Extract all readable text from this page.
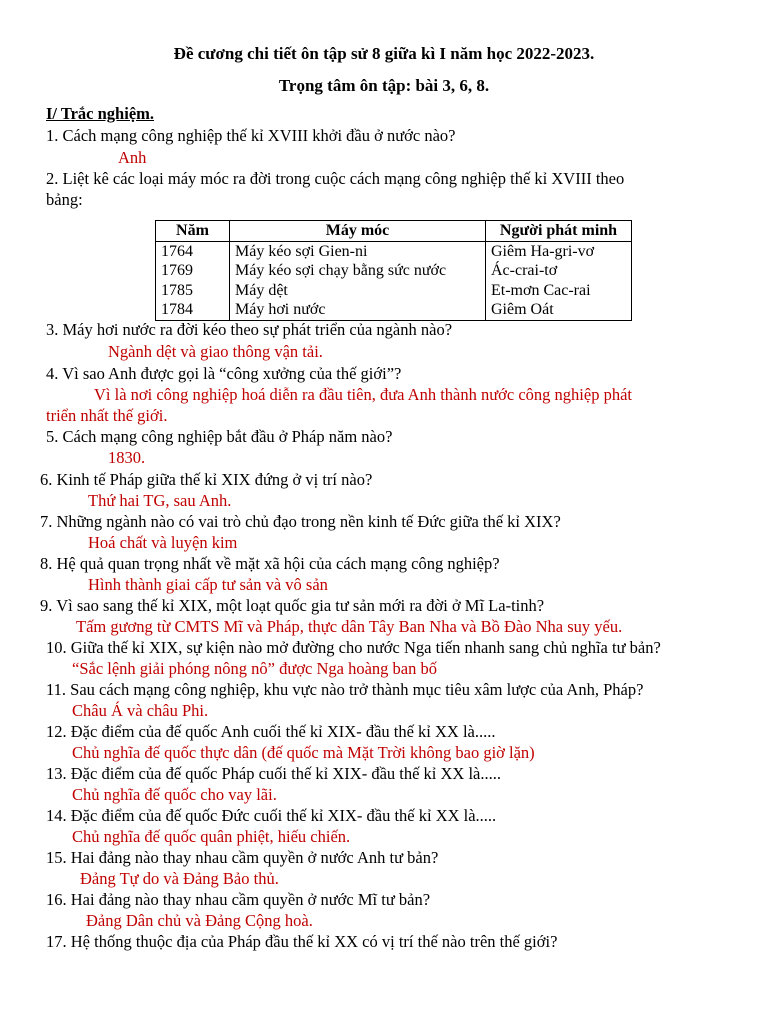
Đề cương chi tiết ôn tập sử 8 giữa kì I năm học 2022-2023.
Trọng tâm ôn tập: bài 3, 6, 8.
I/ Trắc nghiệm.
1. Cách mạng công nghiệp thế kỉ XVIII khởi đầu ở nước nào?
Anh
2. Liệt kê các loại máy móc ra đời trong cuộc cách mạng công nghiệp thế kỉ XVIII theo
bảng:
Năm	Máy móc	Người phát minh
1764	Máy kéo sợi Gien-ni	Giêm Ha-gri-vơ
1769	Máy kéo sợi chạy bằng sức nước	Ác-crai-tơ
1785	Máy dệt	Et-mơn Cac-rai
1784	Máy hơi nước	Giêm Oát
3. Máy hơi nước ra đời kéo theo sự phát triển của ngành nào?
Ngành dệt và giao thông vận tải.
4. Vì sao Anh được gọi là “công xưởng của thế giới”?
Vì là nơi công nghiệp hoá diễn ra đầu tiên, đưa Anh thành nước công nghiệp phát
triển nhất thế giới.
5. Cách mạng công nghiệp bắt đầu ở Pháp năm nào?
1830.
6. Kinh tế Pháp giữa thế kỉ XIX đứng ở vị trí nào?
Thứ hai TG, sau Anh.
7. Những ngành nào có vai trò chủ đạo trong nền kinh tế Đức giữa thế kỉ XIX?
Hoá chất và luyện kim
8. Hệ quả quan trọng nhất về mặt xã hội của cách mạng công nghiệp?
Hình thành giai cấp tư sản và vô sản
9. Vì sao sang thế kỉ XIX, một loạt quốc gia tư sản mới ra đời ở Mĩ La-tinh?
Tấm gương từ CMTS Mĩ và Pháp, thực dân Tây Ban Nha và Bồ Đào Nha suy yếu.
10. Giữa thế kỉ XIX, sự kiện nào mở đường cho nước Nga tiến nhanh sang chủ nghĩa tư bản?
“Sắc lệnh giải phóng nông nô” được Nga hoàng ban bố
11. Sau cách mạng công nghiệp, khu vực nào trở thành mục tiêu xâm lược của Anh, Pháp?
Châu Á và châu Phi.
12. Đặc điểm của đế quốc Anh cuối thế kỉ XIX- đầu thế kỉ XX là.....
Chủ nghĩa đế quốc thực dân (đế quốc mà Mặt Trời không bao giờ lặn)
13. Đặc điểm của đế quốc Pháp cuối thế kỉ XIX- đầu thế kỉ XX là.....
Chủ nghĩa đế quốc cho vay lãi.
14. Đặc điểm của đế quốc Đức cuối thế kỉ XIX- đầu thế kỉ XX là.....
Chủ nghĩa đế quốc quân phiệt, hiếu chiến.
15. Hai đảng nào thay nhau cầm quyền ở nước Anh tư bản?
Đảng Tự do và Đảng Bảo thủ.
16. Hai đảng nào thay nhau cầm quyền ở nước Mĩ tư bản?
Đảng Dân chủ và Đảng Cộng hoà.
17. Hệ thống thuộc địa của Pháp đầu thế kỉ XX có vị trí thế nào trên thế giới?
